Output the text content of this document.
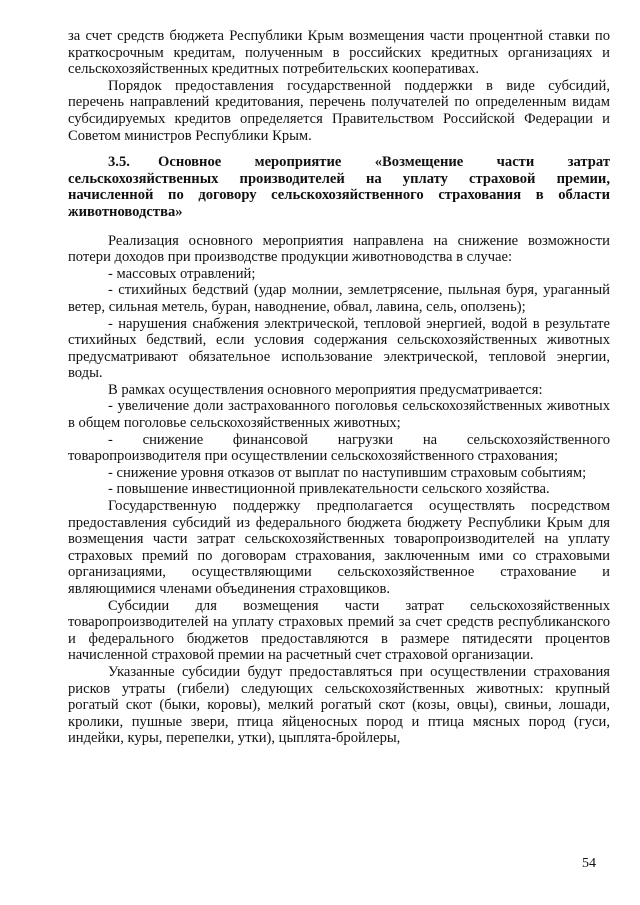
за счет средств бюджета Республики Крым возмещения части процентной ставки по краткосрочным кредитам, полученным в российских кредитных организациях и сельскохозяйственных кредитных потребительских кооперативах.

Порядок предоставления государственной поддержки в виде субсидий, перечень направлений кредитования, перечень получателей по определенным видам субсидируемых кредитов определяется Правительством Российской Федерации и Советом министров Республики Крым.

3.5. Основное мероприятие «Возмещение части затрат сельскохозяйственных производителей на уплату страховой премии, начисленной по договору сельскохозяйственного страхования в области животноводства»

Реализация основного мероприятия направлена на снижение возможности потери доходов при производстве продукции животноводства в случае:

- массовых отравлений;

- стихийных бедствий (удар молнии, землетрясение, пыльная буря, ураганный ветер, сильная метель, буран, наводнение, обвал, лавина, сель, оползень);

- нарушения снабжения электрической, тепловой энергией, водой в результате стихийных бедствий, если условия содержания сельскохозяйственных животных предусматривают обязательное использование электрической, тепловой энергии, воды.

В рамках осуществления основного мероприятия предусматривается:

- увеличение доли застрахованного поголовья сельскохозяйственных животных в общем поголовье сельскохозяйственных животных;

- снижение финансовой нагрузки на сельскохозяйственного товаропроизводителя при осуществлении сельскохозяйственного страхования;

- снижение уровня отказов от выплат по наступившим страховым событиям;

- повышение инвестиционной привлекательности сельского хозяйства.

Государственную поддержку предполагается осуществлять посредством предоставления субсидий из федерального бюджета бюджету Республики Крым для возмещения части затрат сельскохозяйственных товаропроизводителей на уплату страховых премий по договорам страхования, заключенным ими со страховыми организациями, осуществляющими сельскохозяйственное страхование и являющимися членами объединения страховщиков.

Субсидии для возмещения части затрат сельскохозяйственных товаропроизводителей на уплату страховых премий за счет средств республиканского и федерального бюджетов предоставляются в размере пятидесяти процентов начисленной страховой премии на расчетный счет страховой организации.

Указанные субсидии будут предоставляться при осуществлении страхования рисков утраты (гибели) следующих сельскохозяйственных животных: крупный рогатый скот (быки, коровы), мелкий рогатый скот (козы, овцы), свиньи, лошади, кролики, пушные звери, птица яйценосных пород и птица мясных пород (гуси, индейки, куры, перепелки, утки), цыплята-бройлеры,

54
